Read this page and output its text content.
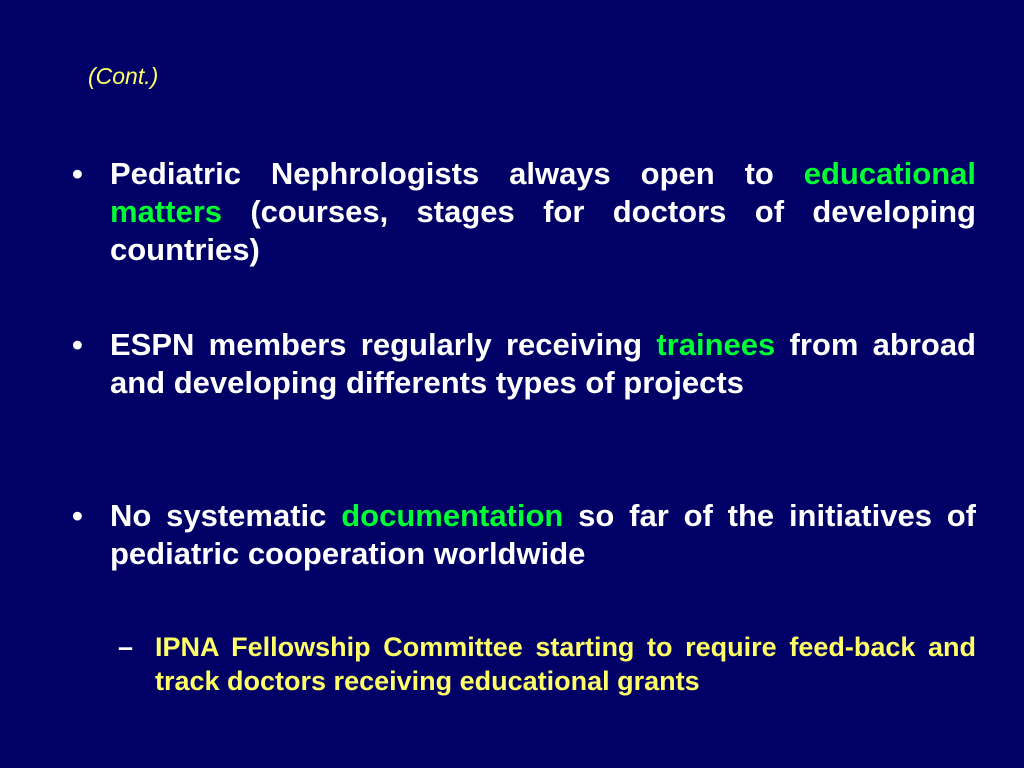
(Cont.)
• Pediatric Nephrologists always open to educational matters (courses, stages for doctors of developing countries)
• ESPN members regularly receiving trainees from abroad and developing differents types of projects
• No systematic documentation so far of the initiatives of pediatric cooperation worldwide
– IPNA Fellowship Committee starting to require feed-back and track doctors receiving educational grants
